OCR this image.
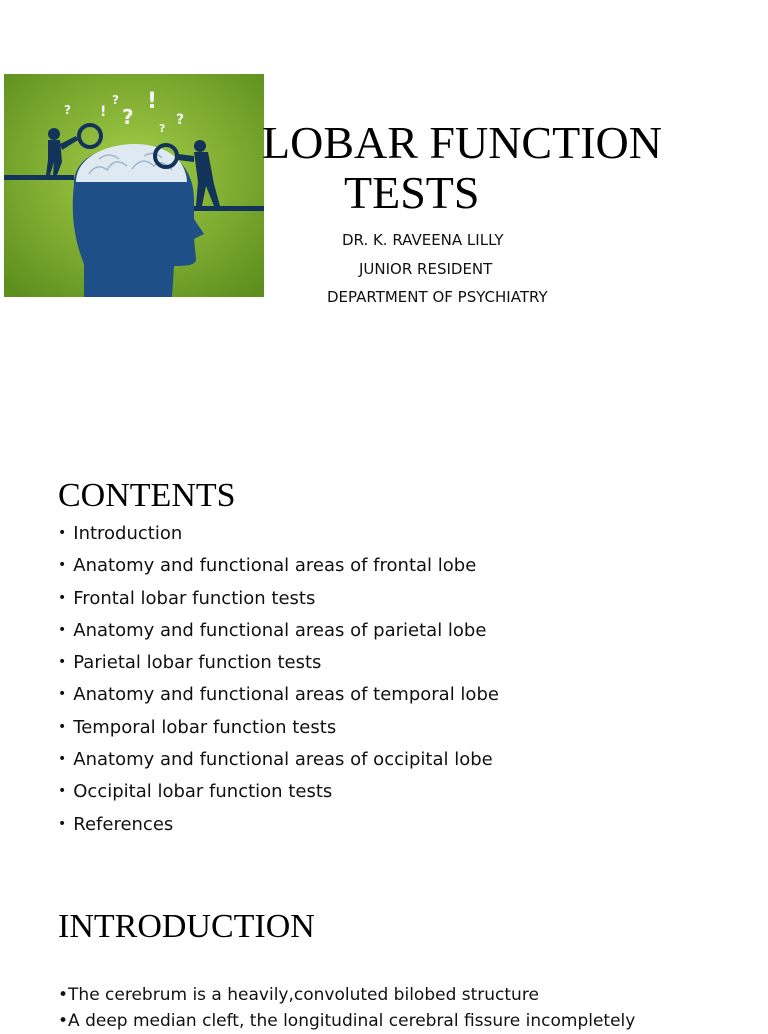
?
! !
?
?
?
? LOBAR FUNCTION
TESTS
DR. K. RAVEENA LILLY
JUNIOR RESIDENT
DEPARTMENT OF PSYCHIATRY
CONTENTS
• Introduction
• Anatomy and functional areas of frontal lobe
• Frontal lobar function tests
• Anatomy and functional areas of parietal lobe
• Parietal lobar function tests
• Anatomy and functional areas of temporal lobe
• Temporal lobar function tests
• Anatomy and functional areas of occipital lobe
• Occipital lobar function tests
• References
INTRODUCTION
• The cerebrum is a heavily,convoluted bilobed structure
• A deep median cleft, the longitudinal cerebral fissure incompletely
